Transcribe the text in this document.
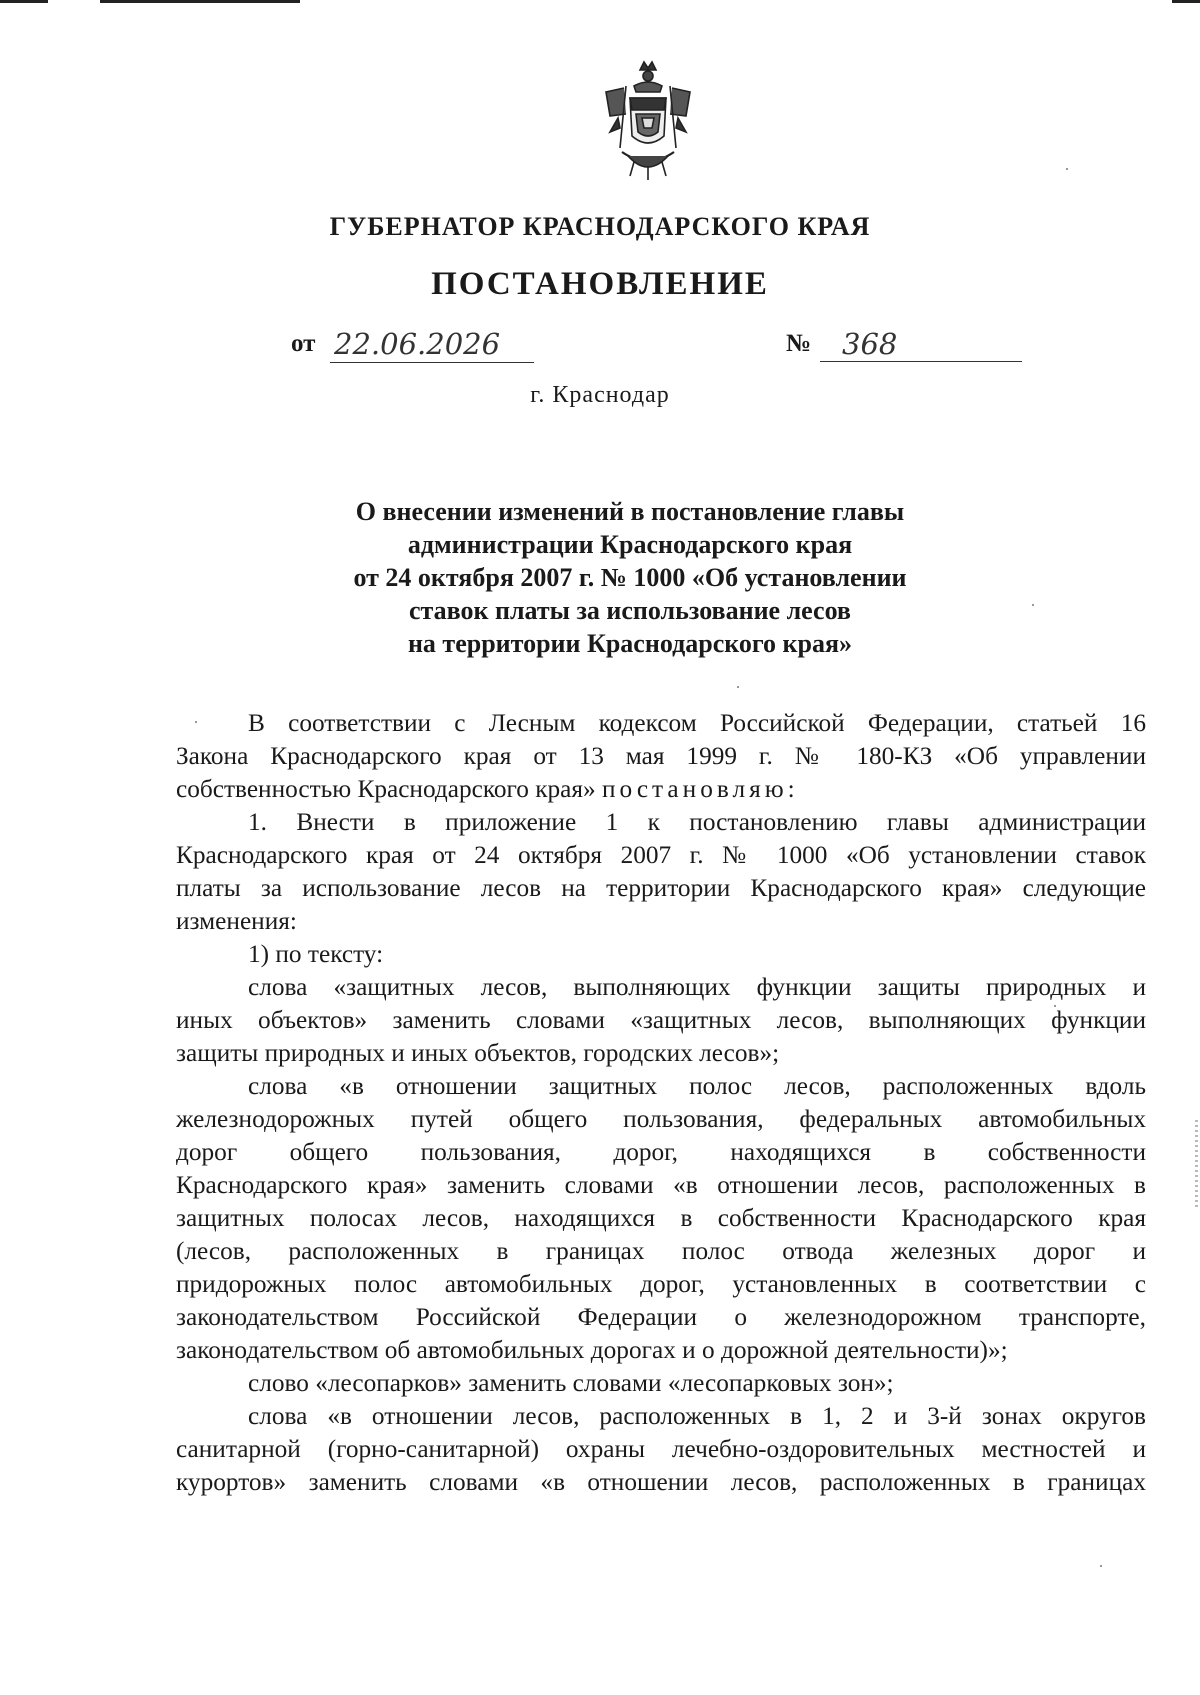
ГУБЕРНАТОР КРАСНОДАРСКОГО КРАЯ
ПОСТАНОВЛЕНИЕ
от 22.06.2026	№	368
г. Краснодар
О внесении изменений в постановление главы
администрации Краснодарского края
от 24 октября 2007 г. № 1000 «Об установлении
ставок платы за использование лесов
на территории Краснодарского края»
В соответствии с Лесным кодексом Российской Федерации, статьей 16
Закона Краснодарского края от 13 мая 1999 г. № 180-КЗ «Об управлении
собственностью Краснодарского края» постановляю:
1. Внести в приложение 1 к постановлению главы администрации
Краснодарского края от 24 октября 2007 г. № 1000 «Об установлении ставок
платы за использование лесов на территории Краснодарского края» следующие
изменения:
1) по тексту:
слова «защитных лесов, выполняющих функции защиты природных и
иных объектов» заменить словами «защитных лесов, выполняющих функции
защиты природных и иных объектов, городских лесов»;
слова «в отношении защитных полос лесов, расположенных вдоль
железнодорожных путей общего пользования, федеральных автомобильных
дорог общего пользования, дорог, находящихся в собственности
Краснодарского края» заменить словами «в отношении лесов, расположенных в
защитных полосах лесов, находящихся в собственности Краснодарского края
(лесов, расположенных в границах полос отвода железных дорог и
придорожных полос автомобильных дорог, установленных в соответствии с
законодательством Российской Федерации о железнодорожном транспорте,
законодательством об автомобильных дорогах и о дорожной деятельности)»;
слово «лесопарков» заменить словами «лесопарковых зон»;
слова «в отношении лесов, расположенных в 1, 2 и 3-й зонах округов
санитарной (горно-санитарной) охраны лечебно-оздоровительных местностей и
курортов» заменить словами «в отношении лесов, расположенных в границах
